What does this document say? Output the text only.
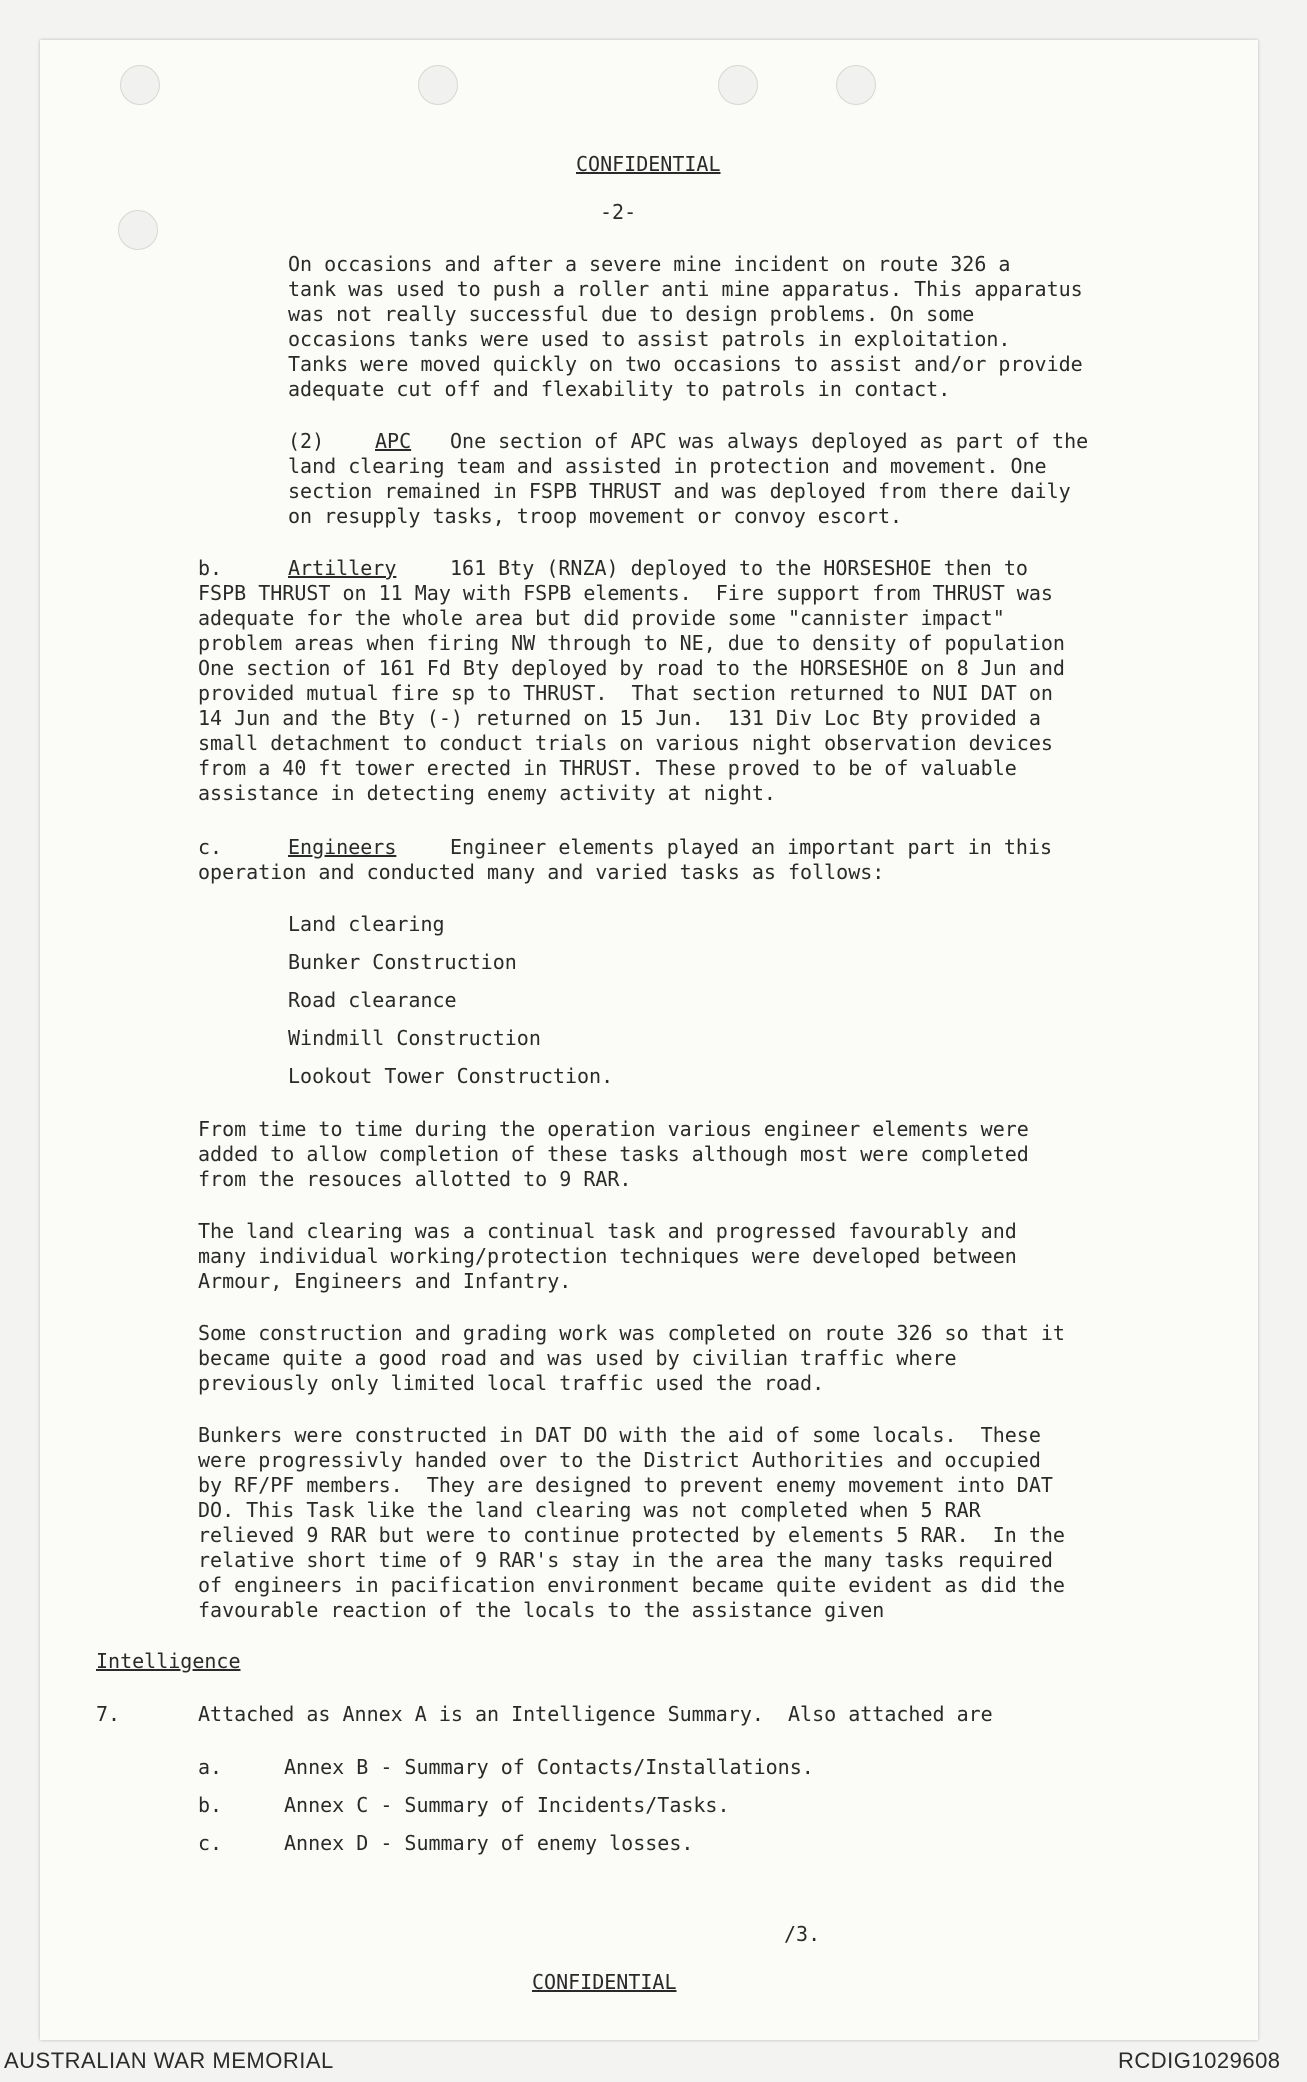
CONFIDENTIAL
-2-
On occasions and after a severe mine incident on route 326 a
tank was used to push a roller anti mine apparatus. This apparatus
was not really successful due to design problems. On some
occasions tanks were used to assist patrols in exploitation.
Tanks were moved quickly on two occasions to assist and/or provide
adequate cut off and flexability to patrols in contact.
(2)	APC One section of APC was always deployed as part of the
land clearing team and assisted in protection and movement. One
section remained in FSPB THRUST and was deployed from there daily
on resupply tasks, troop movement or convoy escort.
b.	Artillery	161 Bty (RNZA) deployed to the HORSESHOE then to
FSPB THRUST on 11 May with FSPB elements.  Fire support from THRUST was
adequate for the whole area but did provide some "cannister impact"
problem areas when firing NW through to NE, due to density of population
One section of 161 Fd Bty deployed by road to the HORSESHOE on 8 Jun and
provided mutual fire sp to THRUST.  That section returned to NUI DAT on
14 Jun and the Bty (-) returned on 15 Jun.  131 Div Loc Bty provided a
small detachment to conduct trials on various night observation devices
from a 40 ft tower erected in THRUST. These proved to be of valuable
assistance in detecting enemy activity at night.
c.	Engineers	Engineer elements played an important part in this
operation and conducted many and varied tasks as follows:
Land clearing
Bunker Construction
Road clearance
Windmill Construction
Lookout Tower Construction.
From time to time during the operation various engineer elements were
added to allow completion of these tasks although most were completed
from the resouces allotted to 9 RAR.
The land clearing was a continual task and progressed favourably and
many individual working/protection techniques were developed between
Armour, Engineers and Infantry.
Some construction and grading work was completed on route 326 so that it
became quite a good road and was used by civilian traffic where
previously only limited local traffic used the road.
Bunkers were constructed in DAT DO with the aid of some locals.  These
were progressivly handed over to the District Authorities and occupied
by RF/PF members.  They are designed to prevent enemy movement into DAT
DO. This Task like the land clearing was not completed when 5 RAR
relieved 9 RAR but were to continue protected by elements 5 RAR.  In the
relative short time of 9 RAR's stay in the area the many tasks required
of engineers in pacification environment became quite evident as did the
favourable reaction of the locals to the assistance given
Intelligence
7.	Attached as Annex A is an Intelligence Summary.  Also attached are
a.	Annex B - Summary of Contacts/Installations.
b.	Annex C - Summary of Incidents/Tasks.
c.	Annex D - Summary of enemy losses.
/3.
CONFIDENTIAL
AUSTRALIAN WAR MEMORIAL	RCDIG1029608
